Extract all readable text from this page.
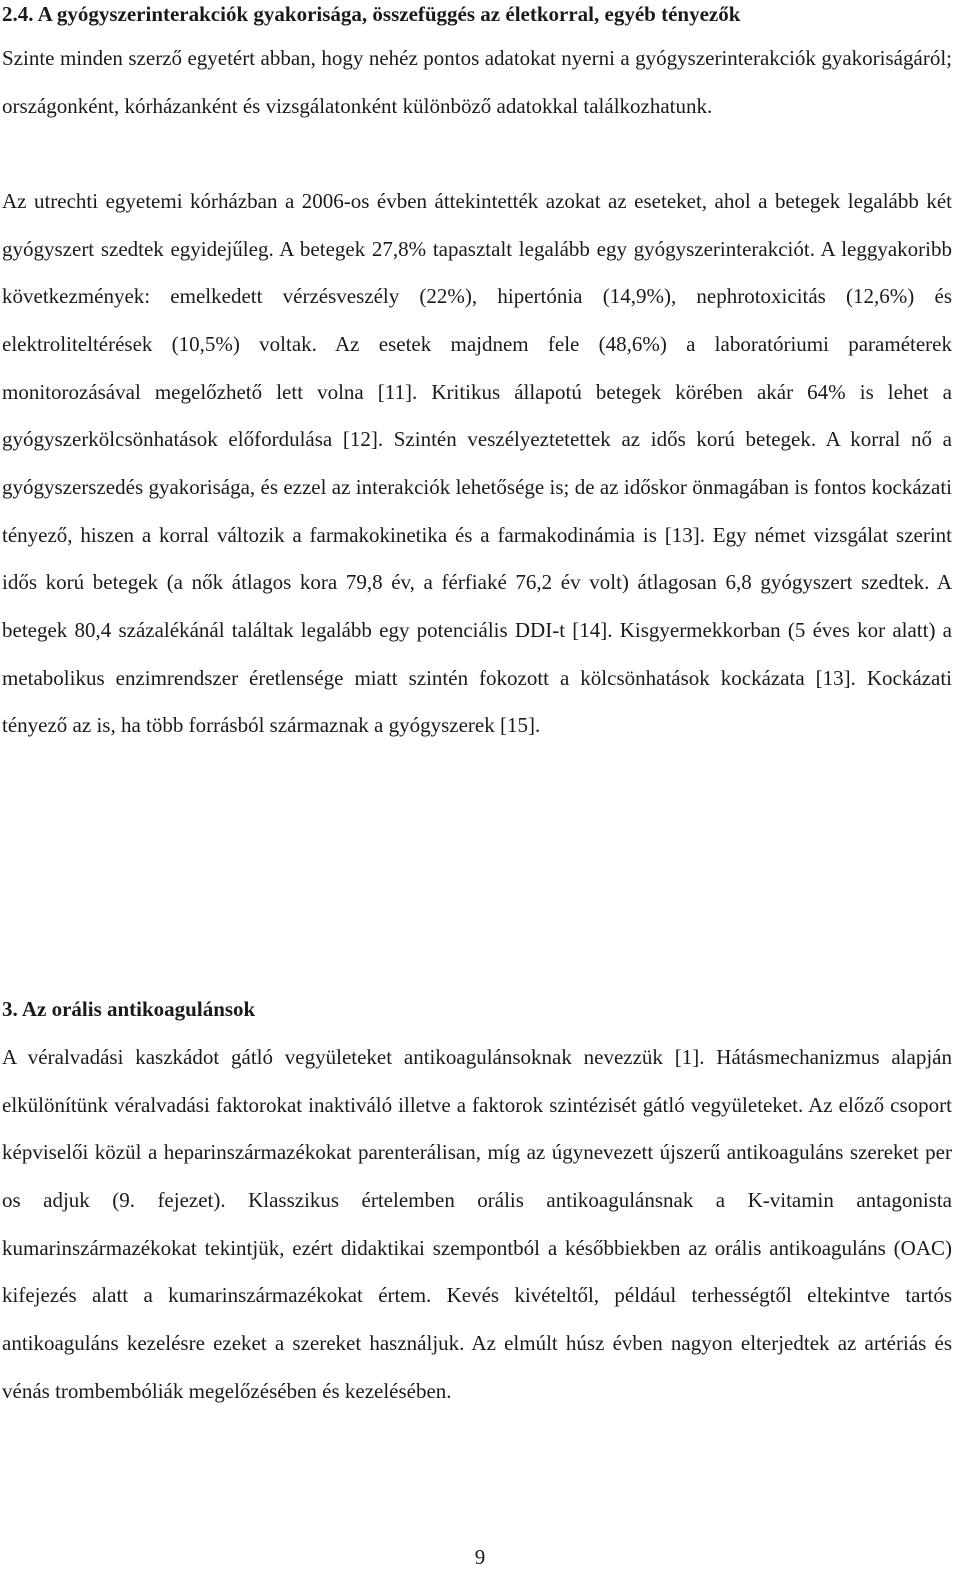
2.4. A gyógyszerinterakciók gyakorisága, összefüggés az életkorral, egyéb tényezők

Szinte minden szerző egyetért abban, hogy nehéz pontos adatokat nyerni a gyógyszerinterakciók gyakoriságáról; országonként, kórházanként és vizsgálatonként különböző adatokkal találkozhatunk.

Az utrechti egyetemi kórházban a 2006-os évben áttekintették azokat az eseteket, ahol a betegek legalább két gyógyszert szedtek egyidejűleg. A betegek 27,8% tapasztalt legalább egy gyógyszerinterakciót. A leggyakoribb következmények: emelkedett vérzésveszély (22%), hipertónia (14,9%), nephrotoxicitás (12,6%) és elektroliteltérések (10,5%) voltak. Az esetek majdnem fele (48,6%) a laboratóriumi paraméterek monitorozásával megelőzhető lett volna [11]. Kritikus állapotú betegek körében akár 64% is lehet a gyógyszerkölcsönhatások előfordulása [12]. Szintén veszélyeztetettek az idős korú betegek. A korral nő a gyógyszerszedés gyakorisága, és ezzel az interakciók lehetősége is; de az időskor önmagában is fontos kockázati tényező, hiszen a korral változik a farmakokinetika és a farmakodinámia is [13]. Egy német vizsgálat szerint idős korú betegek (a nők átlagos kora 79,8 év, a férfiaké 76,2 év volt) átlagosan 6,8 gyógyszert szedtek. A betegek 80,4 százalékánál találtak legalább egy potenciális DDI-t [14]. Kisgyermekkorban (5 éves kor alatt) a metabolikus enzimrendszer éretlensége miatt szintén fokozott a kölcsönhatások kockázata [13]. Kockázati tényező az is, ha több forrásból származnak a gyógyszerek [15].

3. Az orális antikoagulánsok

A véralvadási kaszkádot gátló vegyületeket antikoagulánsoknak nevezzük [1]. Hátásmechanizmus alapján elkülönítünk véralvadási faktorokat inaktiváló illetve a faktorok szintézisét gátló vegyületeket. Az előző csoport képviselői közül a heparinszármazékokat parenterálisan, míg az úgynevezett újszerű antikoaguláns szereket per os adjuk (9. fejezet). Klasszikus értelemben orális antikoagulánsnak a K-vitamin antagonista kumarinszármazékokat tekintjük, ezért didaktikai szempontból a későbbiekben az orális antikoaguláns (OAC) kifejezés alatt a kumarinszármazékokat értem. Kevés kivételtől, például terhességtől eltekintve tartós antikoaguláns kezelésre ezeket a szereket használjuk. Az elmúlt húsz évben nagyon elterjedtek az artériás és vénás trombembóliák megelőzésében és kezelésében.

9
